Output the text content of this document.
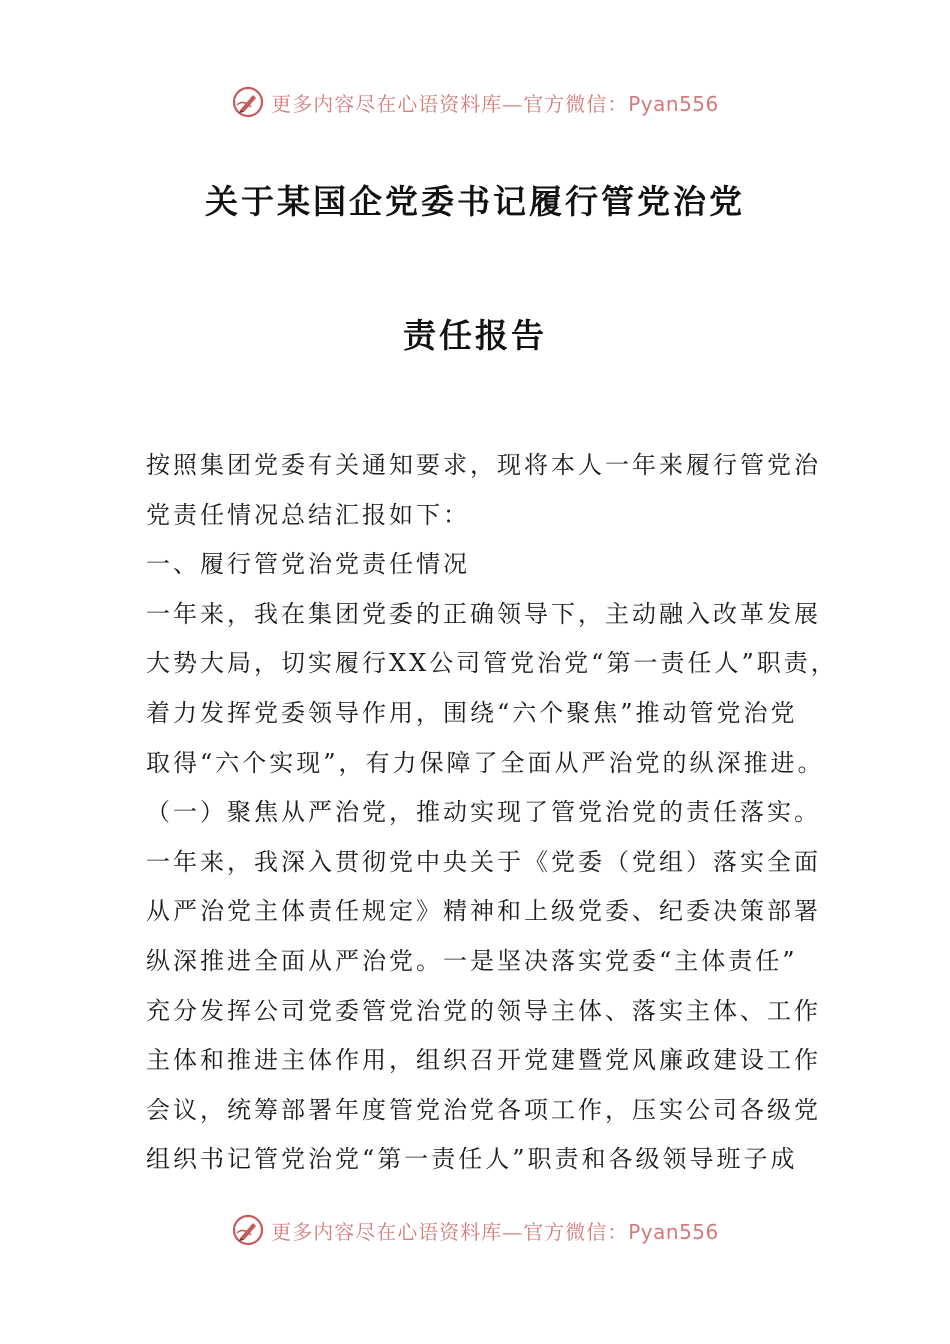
更多内容尽在心语资料库—官方微信：Pyan556
关于某国企党委书记履行管党治党
责任报告

按照集团党委有关通知要求，现将本人一年来履行管党治

党责任情况总结汇报如下：

一、履行管党治党责任情况

一年来，我在集团党委的正确领导下，主动融入改革发展

大势大局，切实履行XX公司管党治党“第一责任人”职责，

着力发挥党委领导作用，围绕“六个聚焦”推动管党治党

取得“六个实现”，有力保障了全面从严治党的纵深推进。

（一）聚焦从严治党，推动实现了管党治党的责任落实。

一年来，我深入贯彻党中央关于《党委（党组）落实全面

从严治党主体责任规定》精神和上级党委、纪委决策部署

纵深推进全面从严治党。一是坚决落实党委“主体责任”

充分发挥公司党委管党治党的领导主体、落实主体、工作

主体和推进主体作用，组织召开党建暨党风廉政建设工作

会议，统筹部署年度管党治党各项工作，压实公司各级党

组织书记管党治党“第一责任人”职责和各级领导班子成

更多内容尽在心语资料库—官方微信：Pyan556
